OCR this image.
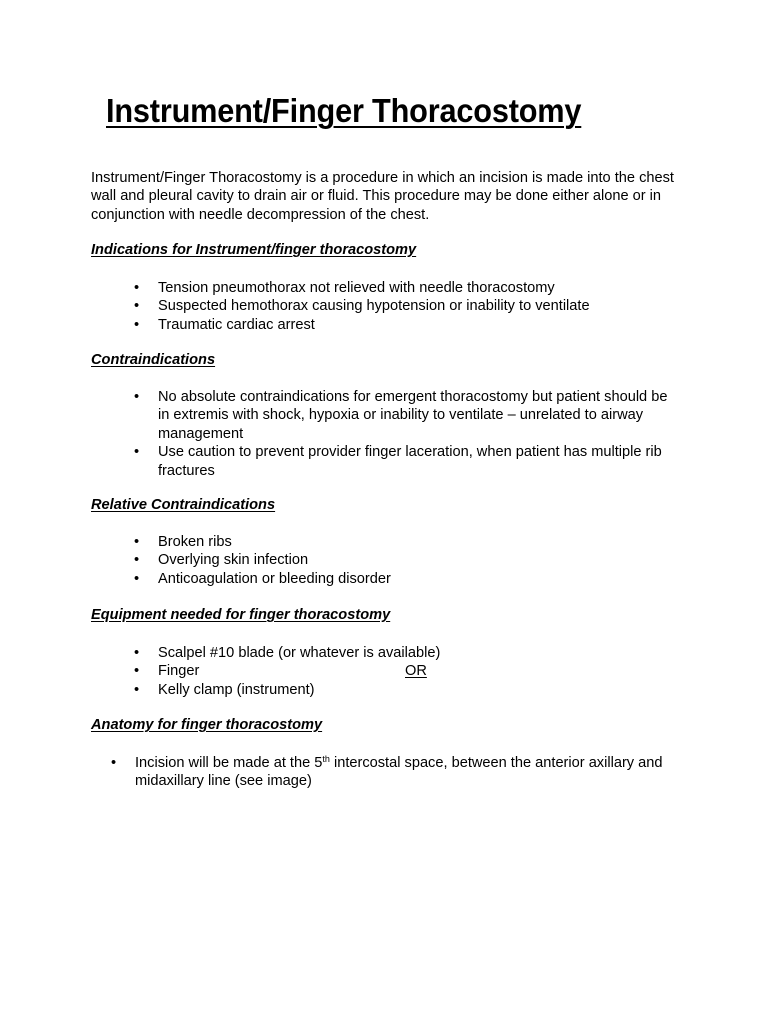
Instrument/Finger Thoracostomy

Instrument/Finger Thoracostomy is a procedure in which an incision is made into the chest wall and pleural cavity to drain air or fluid. This procedure may be done either alone or in conjunction with needle decompression of the chest.

Indications for Instrument/finger thoracostomy
•	Tension pneumothorax not relieved with needle thoracostomy
•	Suspected hemothorax causing hypotension or inability to ventilate
•	Traumatic cardiac arrest
Contraindications
•	No absolute contraindications for emergent thoracostomy but patient should be in extremis with shock, hypoxia or inability to ventilate – unrelated to airway management
•	Use caution to prevent provider finger laceration, when patient has multiple rib fractures
Relative Contraindications
•	Broken ribs
•	Overlying skin infection
•	Anticoagulation or bleeding disorder
Equipment needed for finger thoracostomy
•	Scalpel #10 blade (or whatever is available)
•	Finger	OR
•	Kelly clamp (instrument)
Anatomy for finger thoracostomy
•	Incision will be made at the 5th intercostal space, between the anterior axillary and midaxillary line (see image)
